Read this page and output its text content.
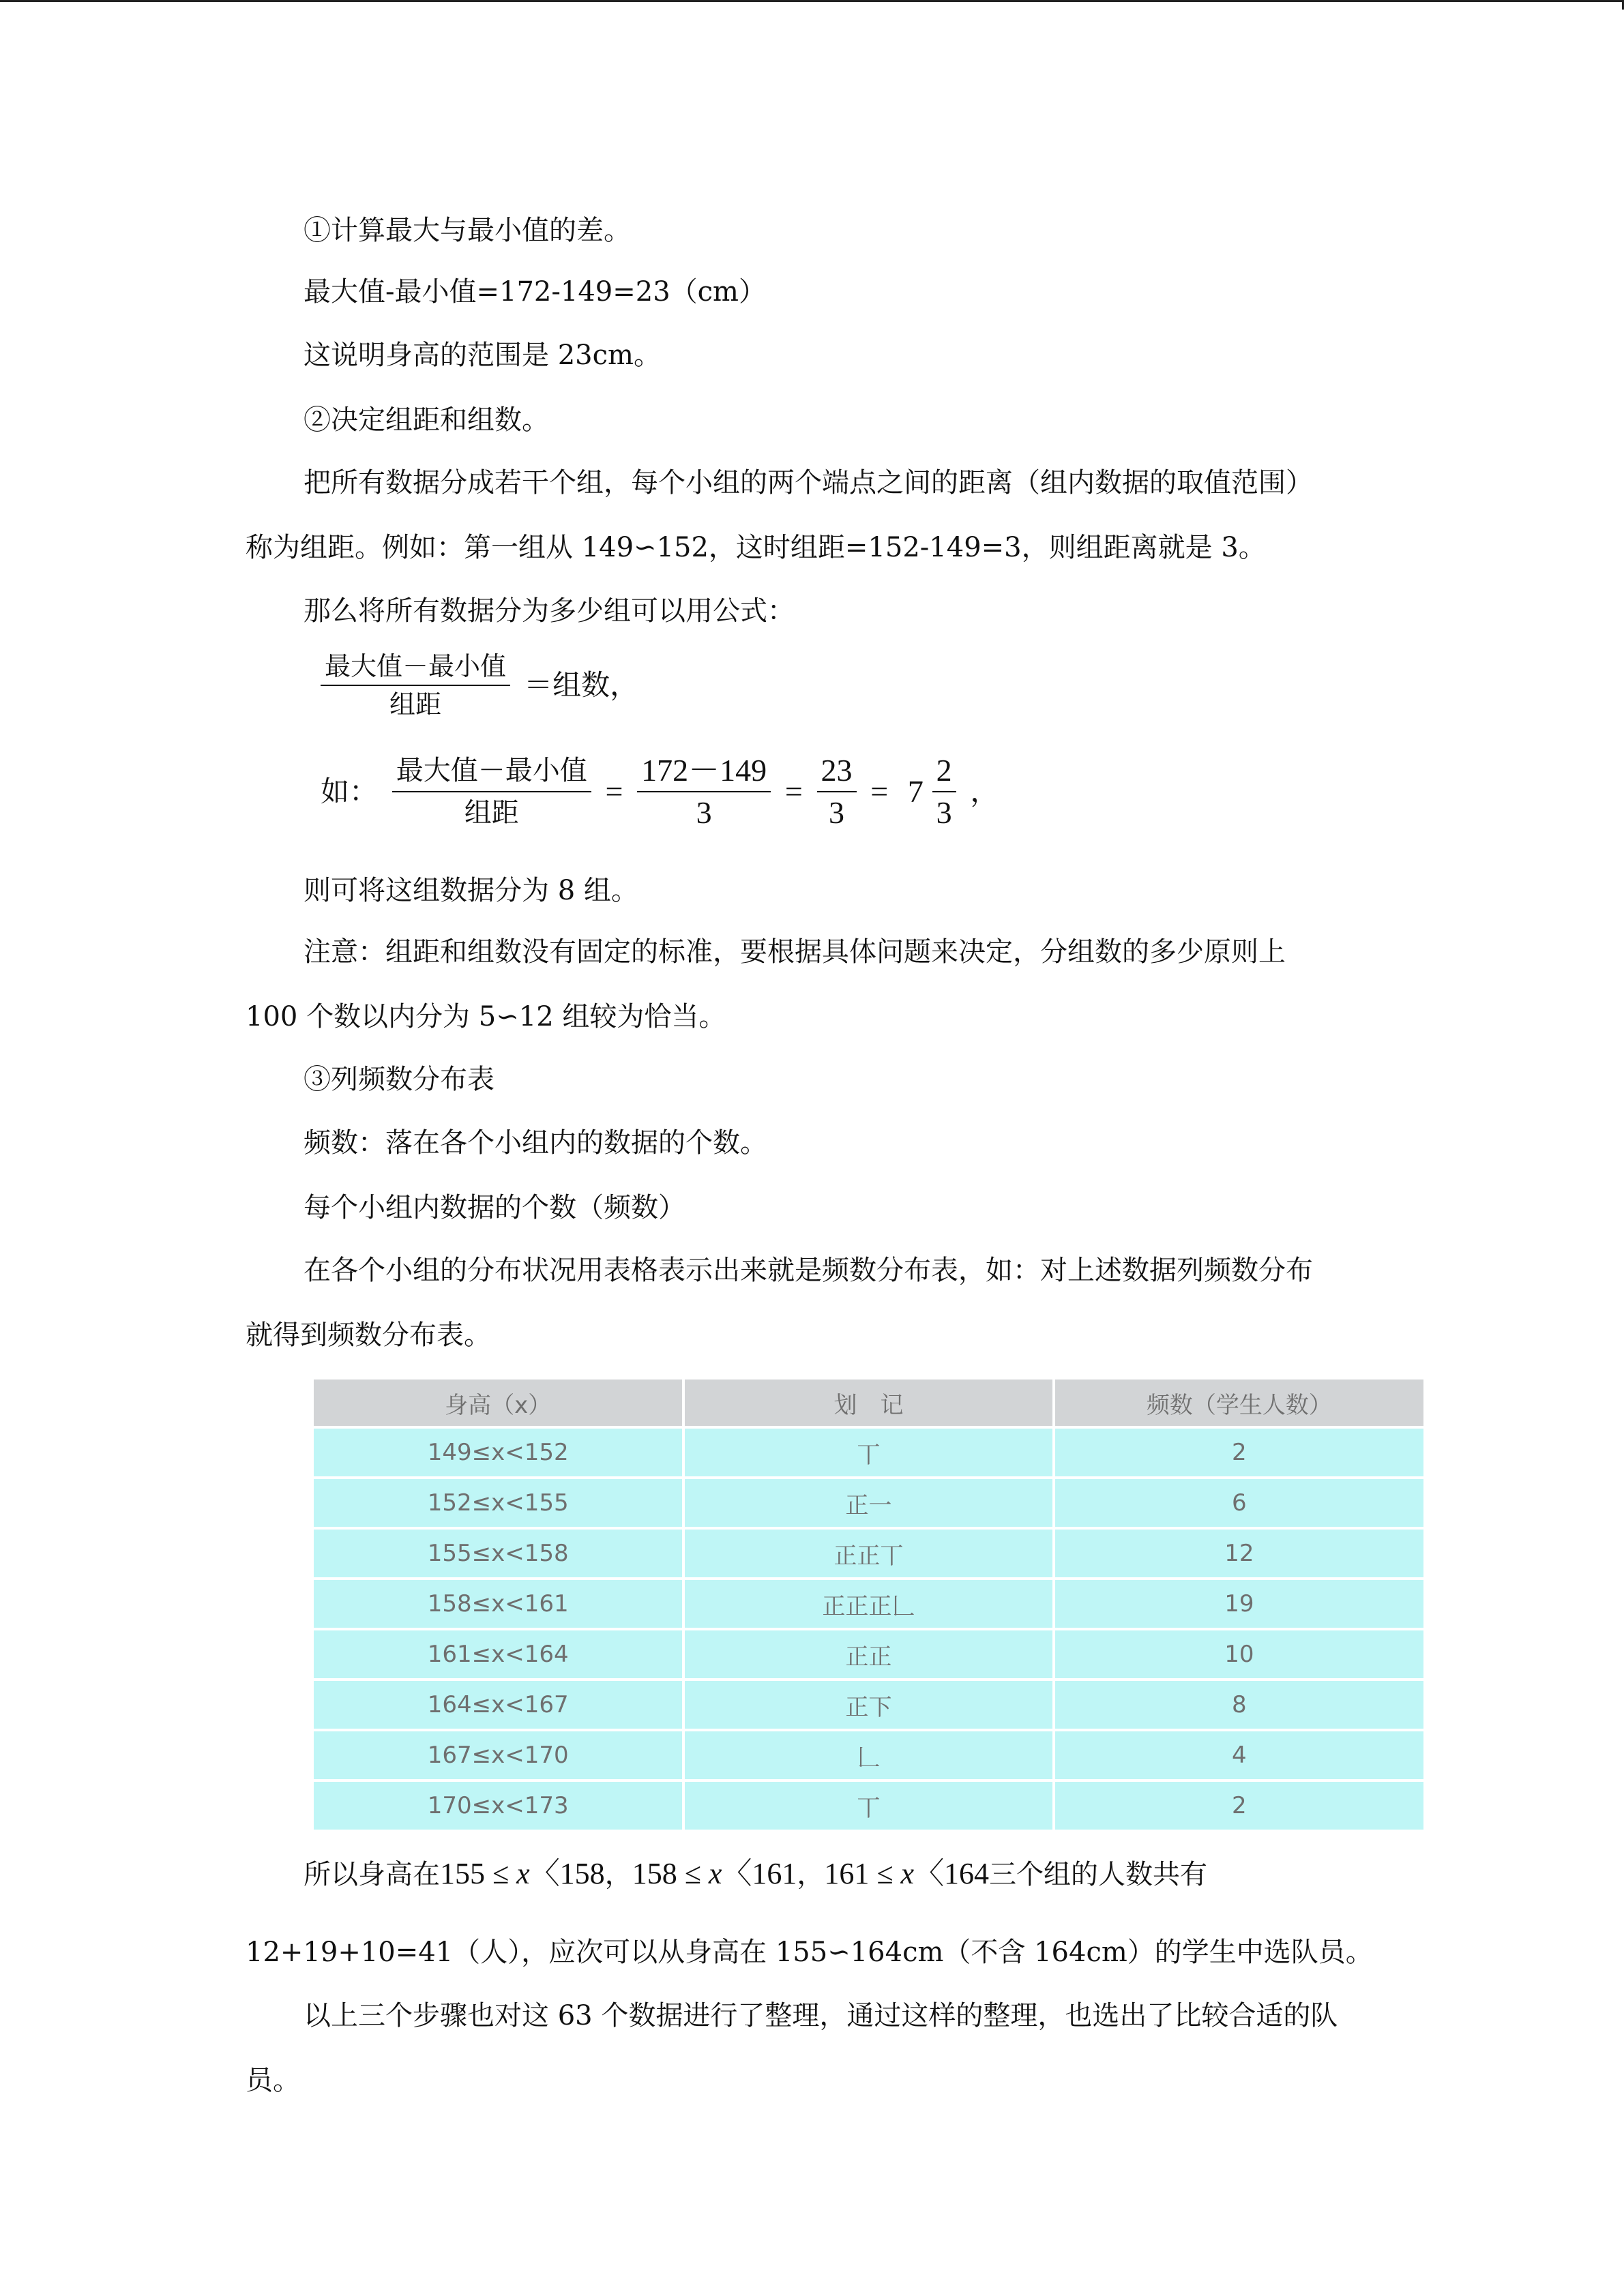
①计算最大与最小值的差。
最大值-最小值=172-149=23（cm）
这说明身高的范围是 23cm。
②决定组距和组数。
把所有数据分成若干个组，每个小组的两个端点之间的距离（组内数据的取值范围）
称为组距。例如：第一组从 149∽152，这时组距=152-149=3，则组距离就是 3。
那么将所有数据分为多少组可以用公式：
$\frac{\text{最大值－最小值}}{\text{组距}}$ ＝组数，
如： $\frac{\text{最大值－最小值}}{\text{组距}} = \frac{172-149}{3} = \frac{23}{3} = 7 \frac{2}{3}$ ，
则可将这组数据分为 8 组。
注意：组距和组数没有固定的标准，要根据具体问题来决定，分组数的多少原则上
100 个数以内分为 5∽12 组较为恰当。
③列频数分布表
频数：落在各个小组内的数据的个数。
每个小组内数据的个数（频数）
在各个小组的分布状况用表格表示出来就是频数分布表，如：对上述数据列频数分布
就得到频数分布表。
身高（x）	划　记	频数（学生人数）
149≤x<152	丅	2
152≤x<155	正一	6
155≤x<158	正正丅	12
158≤x<161	正正正𠃊	19
161≤x<164	正正	10
164≤x<167	正下	8
167≤x<170	𠃊	4
170≤x<173	丅	2
所以身高在155 ≤ x〈158，158 ≤ x〈161，161 ≤ x〈164三个组的人数共有
12+19+10=41（人），应次可以从身高在 155∽164cm（不含 164cm）的学生中选队员。
以上三个步骤也对这 63 个数据进行了整理，通过这样的整理，也选出了比较合适的队
员。
